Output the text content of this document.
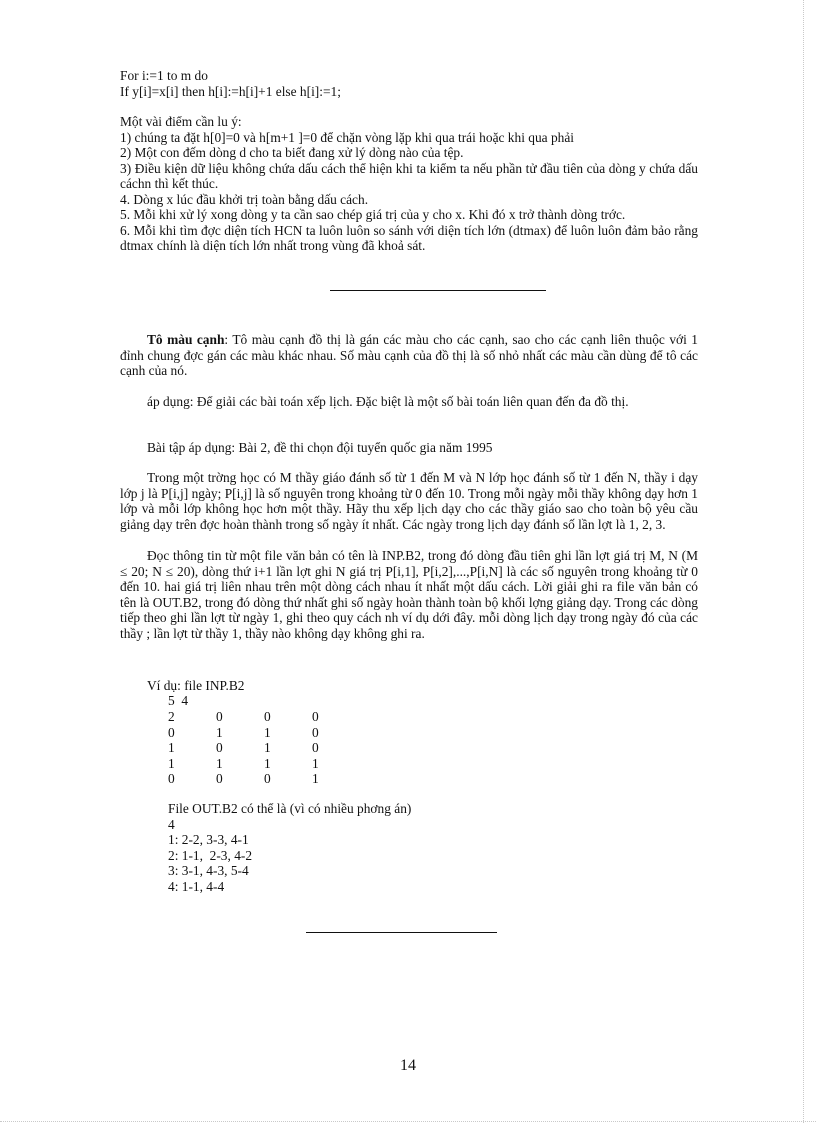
For i:=1 to m do
If y[i]=x[i] then h[i]:=h[i]+1 else h[i]:=1;
Một vài điểm cần lu ý:
1) chúng ta đặt h[0]=0 và h[m+1 ]=0 để chặn vòng lặp khi qua trái hoặc khi qua phải
2) Một con đếm dòng d cho ta biết đang xử lý dòng nào của tệp.
3) Điều kiện dữ liệu không chứa dấu cách thể hiện khi ta kiểm ta nếu phần tử đầu tiên của dòng y chứa dấu cáchn thì kết thúc.
4. Dòng x lúc đầu khởi trị toàn bằng dấu cách.
5. Mỗi khi xử lý xong dòng y ta cần sao chép giá trị của y cho x. Khi đó x trở thành dòng trớc.
6. Mỗi khi tìm đợc diện tích HCN ta luôn luôn so sánh với diện tích lớn (dtmax) để luôn luôn đảm bảo rằng dtmax chính là diện tích lớn nhất trong vùng đã khoả sát.
Tô màu cạnh: Tô màu cạnh đồ thị là gán các màu cho các cạnh, sao cho các cạnh liên thuộc với 1 đỉnh chung đợc gán các màu khác nhau. Số màu cạnh của đồ thị là số nhỏ nhất các màu cần dùng để tô các cạnh của nó.
áp dụng: Để giải các bài toán xếp lịch. Đặc biệt là một số bài toán liên quan đến đa đồ thị.
Bài tập áp dụng: Bài 2, đề thi chọn đội tuyển quốc gia năm 1995
Trong một trờng học có M thầy giáo đánh số từ 1 đến M và N lớp học đánh số từ 1 đến N, thầy i dạy lớp j là P[i,j] ngày; P[i,j] là số nguyên trong khoảng từ 0 đến 10. Trong mỗi ngày mỗi thầy không dạy hơn 1 lớp và mỗi lớp không học hơn một thầy. Hãy thu xếp lịch dạy cho các thầy giáo sao cho toàn bộ yêu cầu giảng dạy trên đợc hoàn thành trong số ngày ít nhất. Các ngày trong lịch dạy đánh số lần lợt là 1, 2, 3.
Đọc thông tin từ một file văn bản có tên là INP.B2, trong đó dòng đầu tiên ghi lần lợt giá trị M, N (M ≤ 20; N ≤ 20), dòng thứ i+1 lần lợt ghi N giá trị P[i,1], P[i,2],...,P[i,N] là các số nguyên trong khoảng từ 0 đến 10. hai giá trị liên nhau trên một dòng cách nhau ít nhất một dấu cách. Lời giải ghi ra file văn bản có tên là OUT.B2, trong đó dòng thứ nhất ghi số ngày hoàn thành toàn bộ khối lợng giảng dạy. Trong các dòng tiếp theo ghi lần lợt từ ngày 1, ghi theo quy cách nh ví dụ dới đây. mỗi dòng lịch dạy trong ngày đó của các thầy ; lần lợt từ thầy 1, thầy nào không dạy không ghi ra.
Ví dụ: file INP.B2
5  4
2	0	0	0
0	1	1	0
1	0	1	0
1	1	1	1
0	0	0	1
File OUT.B2 có thể là (vì có nhiều phơng án)
4
1: 2-2, 3-3, 4-1
2: 1-1,  2-3, 4-2
3: 3-1, 4-3, 5-4
4: 1-1, 4-4
14
